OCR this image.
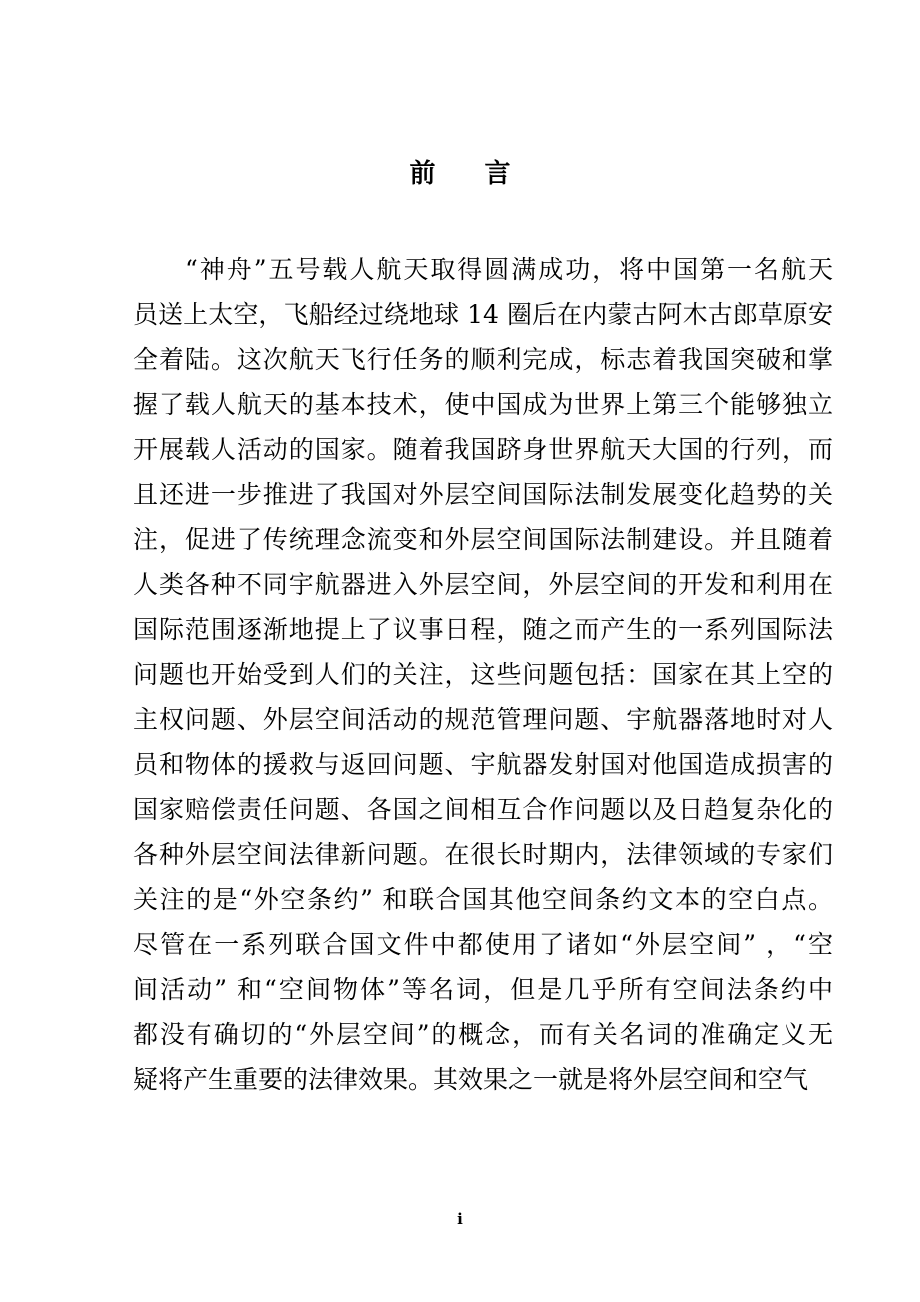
前 言
“神舟”五号载人航天取得圆满成功，将中国第一名航天
员送上太空，飞船经过绕地球 14 圈后在内蒙古阿木古郎草原安
全着陆。这次航天飞行任务的顺利完成，标志着我国突破和掌
握了载人航天的基本技术，使中国成为世界上第三个能够独立
开展载人活动的国家。随着我国跻身世界航天大国的行列，而
且还进一步推进了我国对外层空间国际法制发展变化趋势的关
注，促进了传统理念流变和外层空间国际法制建设。并且随着
人类各种不同宇航器进入外层空间，外层空间的开发和利用在
国际范围逐渐地提上了议事日程，随之而产生的一系列国际法
问题也开始受到人们的关注，这些问题包括：国家在其上空的
主权问题、外层空间活动的规范管理问题、宇航器落地时对人
员和物体的援救与返回问题、宇航器发射国对他国造成损害的
国家赔偿责任问题、各国之间相互合作问题以及日趋复杂化的
各种外层空间法律新问题。在很长时期内，法律领域的专家们
关注的是“外空条约” 和联合国其他空间条约文本的空白点。
尽管在一系列联合国文件中都使用了诸如“外层空间” ，“空
间活动” 和“空间物体”等名词，但是几乎所有空间法条约中
都没有确切的“外层空间”的概念，而有关名词的准确定义无
疑将产生重要的法律效果。其效果之一就是将外层空间和空气
i
